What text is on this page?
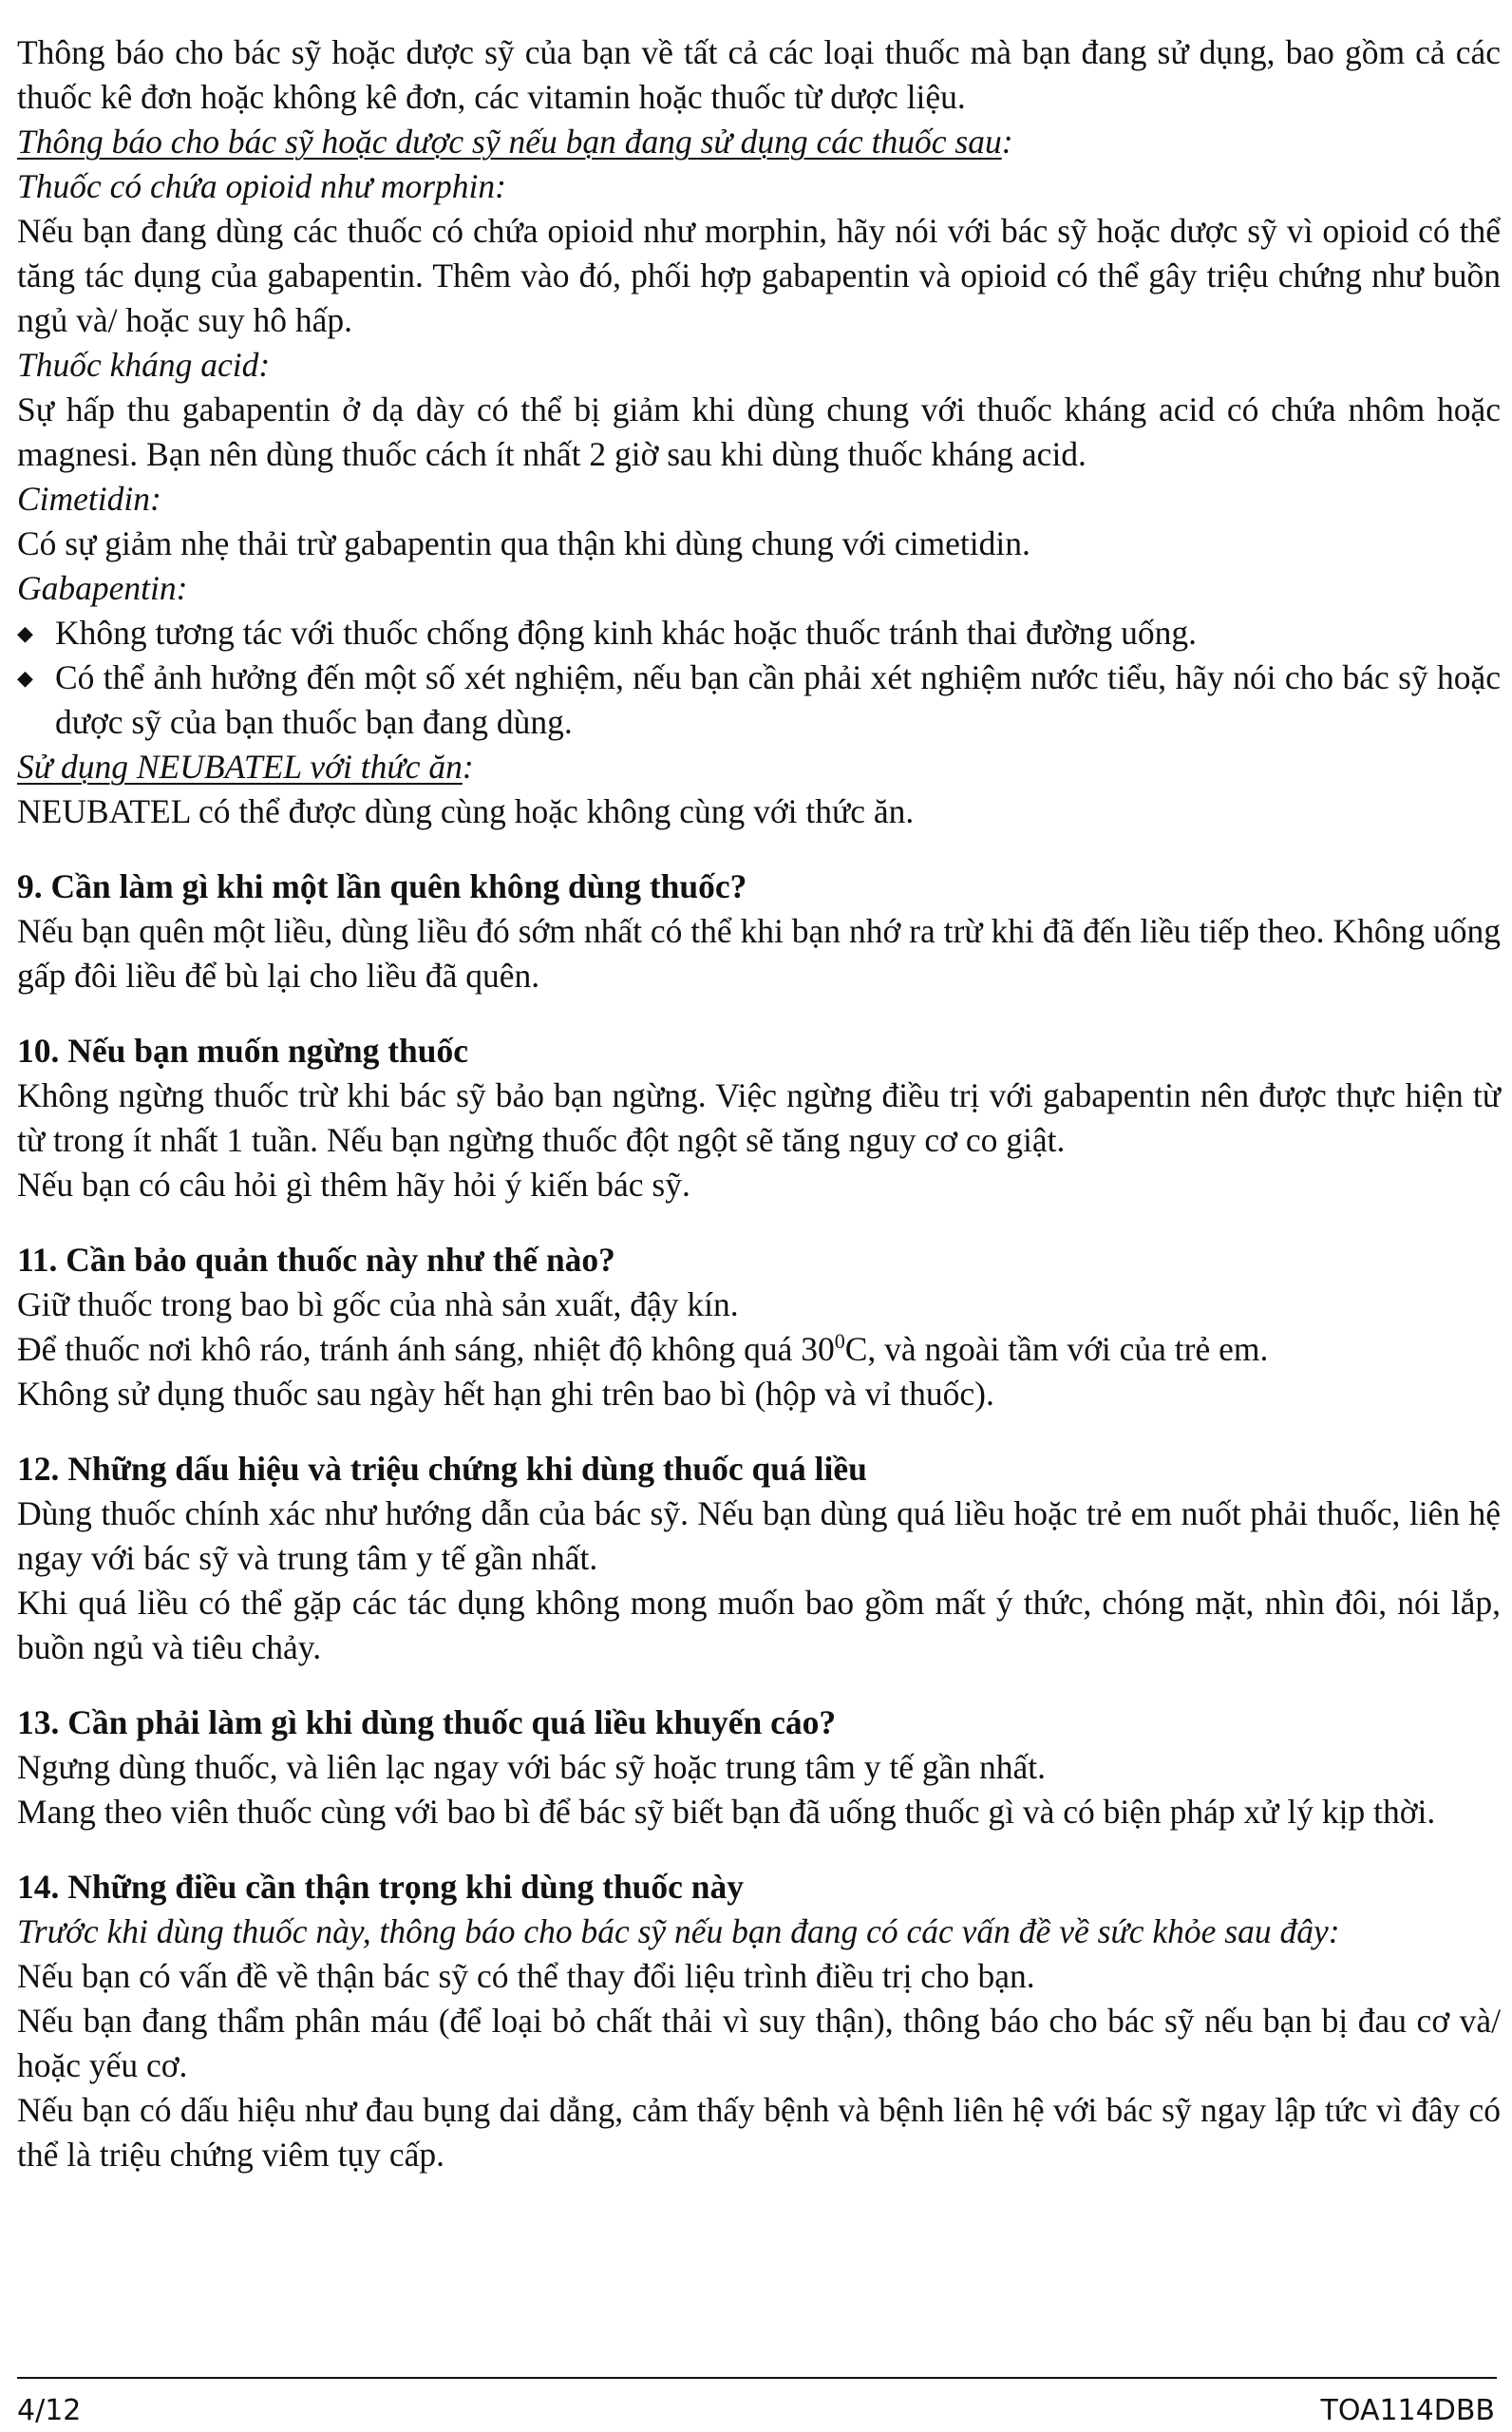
Thông báo cho bác sỹ hoặc dược sỹ của bạn về tất cả các loại thuốc mà bạn đang sử dụng, bao gồm cả các thuốc kê đơn hoặc không kê đơn, các vitamin hoặc thuốc từ dược liệu.

Thông báo cho bác sỹ hoặc dược sỹ nếu bạn đang sử dụng các thuốc sau:

Thuốc có chứa opioid như morphin:

Nếu bạn đang dùng các thuốc có chứa opioid như morphin, hãy nói với bác sỹ hoặc dược sỹ vì opioid có thể tăng tác dụng của gabapentin. Thêm vào đó, phối hợp gabapentin và opioid có thể gây triệu chứng như buồn ngủ và/ hoặc suy hô hấp.

Thuốc kháng acid:

Sự hấp thu gabapentin ở dạ dày có thể bị giảm khi dùng chung với thuốc kháng acid có chứa nhôm hoặc magnesi. Bạn nên dùng thuốc cách ít nhất 2 giờ sau khi dùng thuốc kháng acid.

Cimetidin:

Có sự giảm nhẹ thải trừ gabapentin qua thận khi dùng chung với cimetidin.

Gabapentin:

◆ Không tương tác với thuốc chống động kinh khác hoặc thuốc tránh thai đường uống.

◆ Có thể ảnh hưởng đến một số xét nghiệm, nếu bạn cần phải xét nghiệm nước tiểu, hãy nói cho bác sỹ hoặc dược sỹ của bạn thuốc bạn đang dùng.

Sử dụng NEUBATEL với thức ăn:

NEUBATEL có thể được dùng cùng hoặc không cùng với thức ăn.

9. Cần làm gì khi một lần quên không dùng thuốc?

Nếu bạn quên một liều, dùng liều đó sớm nhất có thể khi bạn nhớ ra trừ khi đã đến liều tiếp theo. Không uống gấp đôi liều để bù lại cho liều đã quên.

10. Nếu bạn muốn ngừng thuốc

Không ngừng thuốc trừ khi bác sỹ bảo bạn ngừng. Việc ngừng điều trị với gabapentin nên được thực hiện từ từ trong ít nhất 1 tuần. Nếu bạn ngừng thuốc đột ngột sẽ tăng nguy cơ co giật.

Nếu bạn có câu hỏi gì thêm hãy hỏi ý kiến bác sỹ.

11. Cần bảo quản thuốc này như thế nào?

Giữ thuốc trong bao bì gốc của nhà sản xuất, đậy kín.

Để thuốc nơi khô ráo, tránh ánh sáng, nhiệt độ không quá $30^0C$, và ngoài tầm với của trẻ em.

Không sử dụng thuốc sau ngày hết hạn ghi trên bao bì (hộp và vỉ thuốc).

12. Những dấu hiệu và triệu chứng khi dùng thuốc quá liều

Dùng thuốc chính xác như hướng dẫn của bác sỹ. Nếu bạn dùng quá liều hoặc trẻ em nuốt phải thuốc, liên hệ ngay với bác sỹ và trung tâm y tế gần nhất.

Khi quá liều có thể gặp các tác dụng không mong muốn bao gồm mất ý thức, chóng mặt, nhìn đôi, nói lắp, buồn ngủ và tiêu chảy.

13. Cần phải làm gì khi dùng thuốc quá liều khuyến cáo?

Ngưng dùng thuốc, và liên lạc ngay với bác sỹ hoặc trung tâm y tế gần nhất.

Mang theo viên thuốc cùng với bao bì để bác sỹ biết bạn đã uống thuốc gì và có biện pháp xử lý kịp thời.

14. Những điều cần thận trọng khi dùng thuốc này

Trước khi dùng thuốc này, thông báo cho bác sỹ nếu bạn đang có các vấn đề về sức khỏe sau đây:

Nếu bạn có vấn đề về thận bác sỹ có thể thay đổi liệu trình điều trị cho bạn.

Nếu bạn đang thẩm phân máu (để loại bỏ chất thải vì suy thận), thông báo cho bác sỹ nếu bạn bị đau cơ và/ hoặc yếu cơ.

Nếu bạn có dấu hiệu như đau bụng dai dẳng, cảm thấy bệnh và bệnh liên hệ với bác sỹ ngay lập tức vì đây có thể là triệu chứng viêm tụy cấp.

4/12	TOA114DBB
